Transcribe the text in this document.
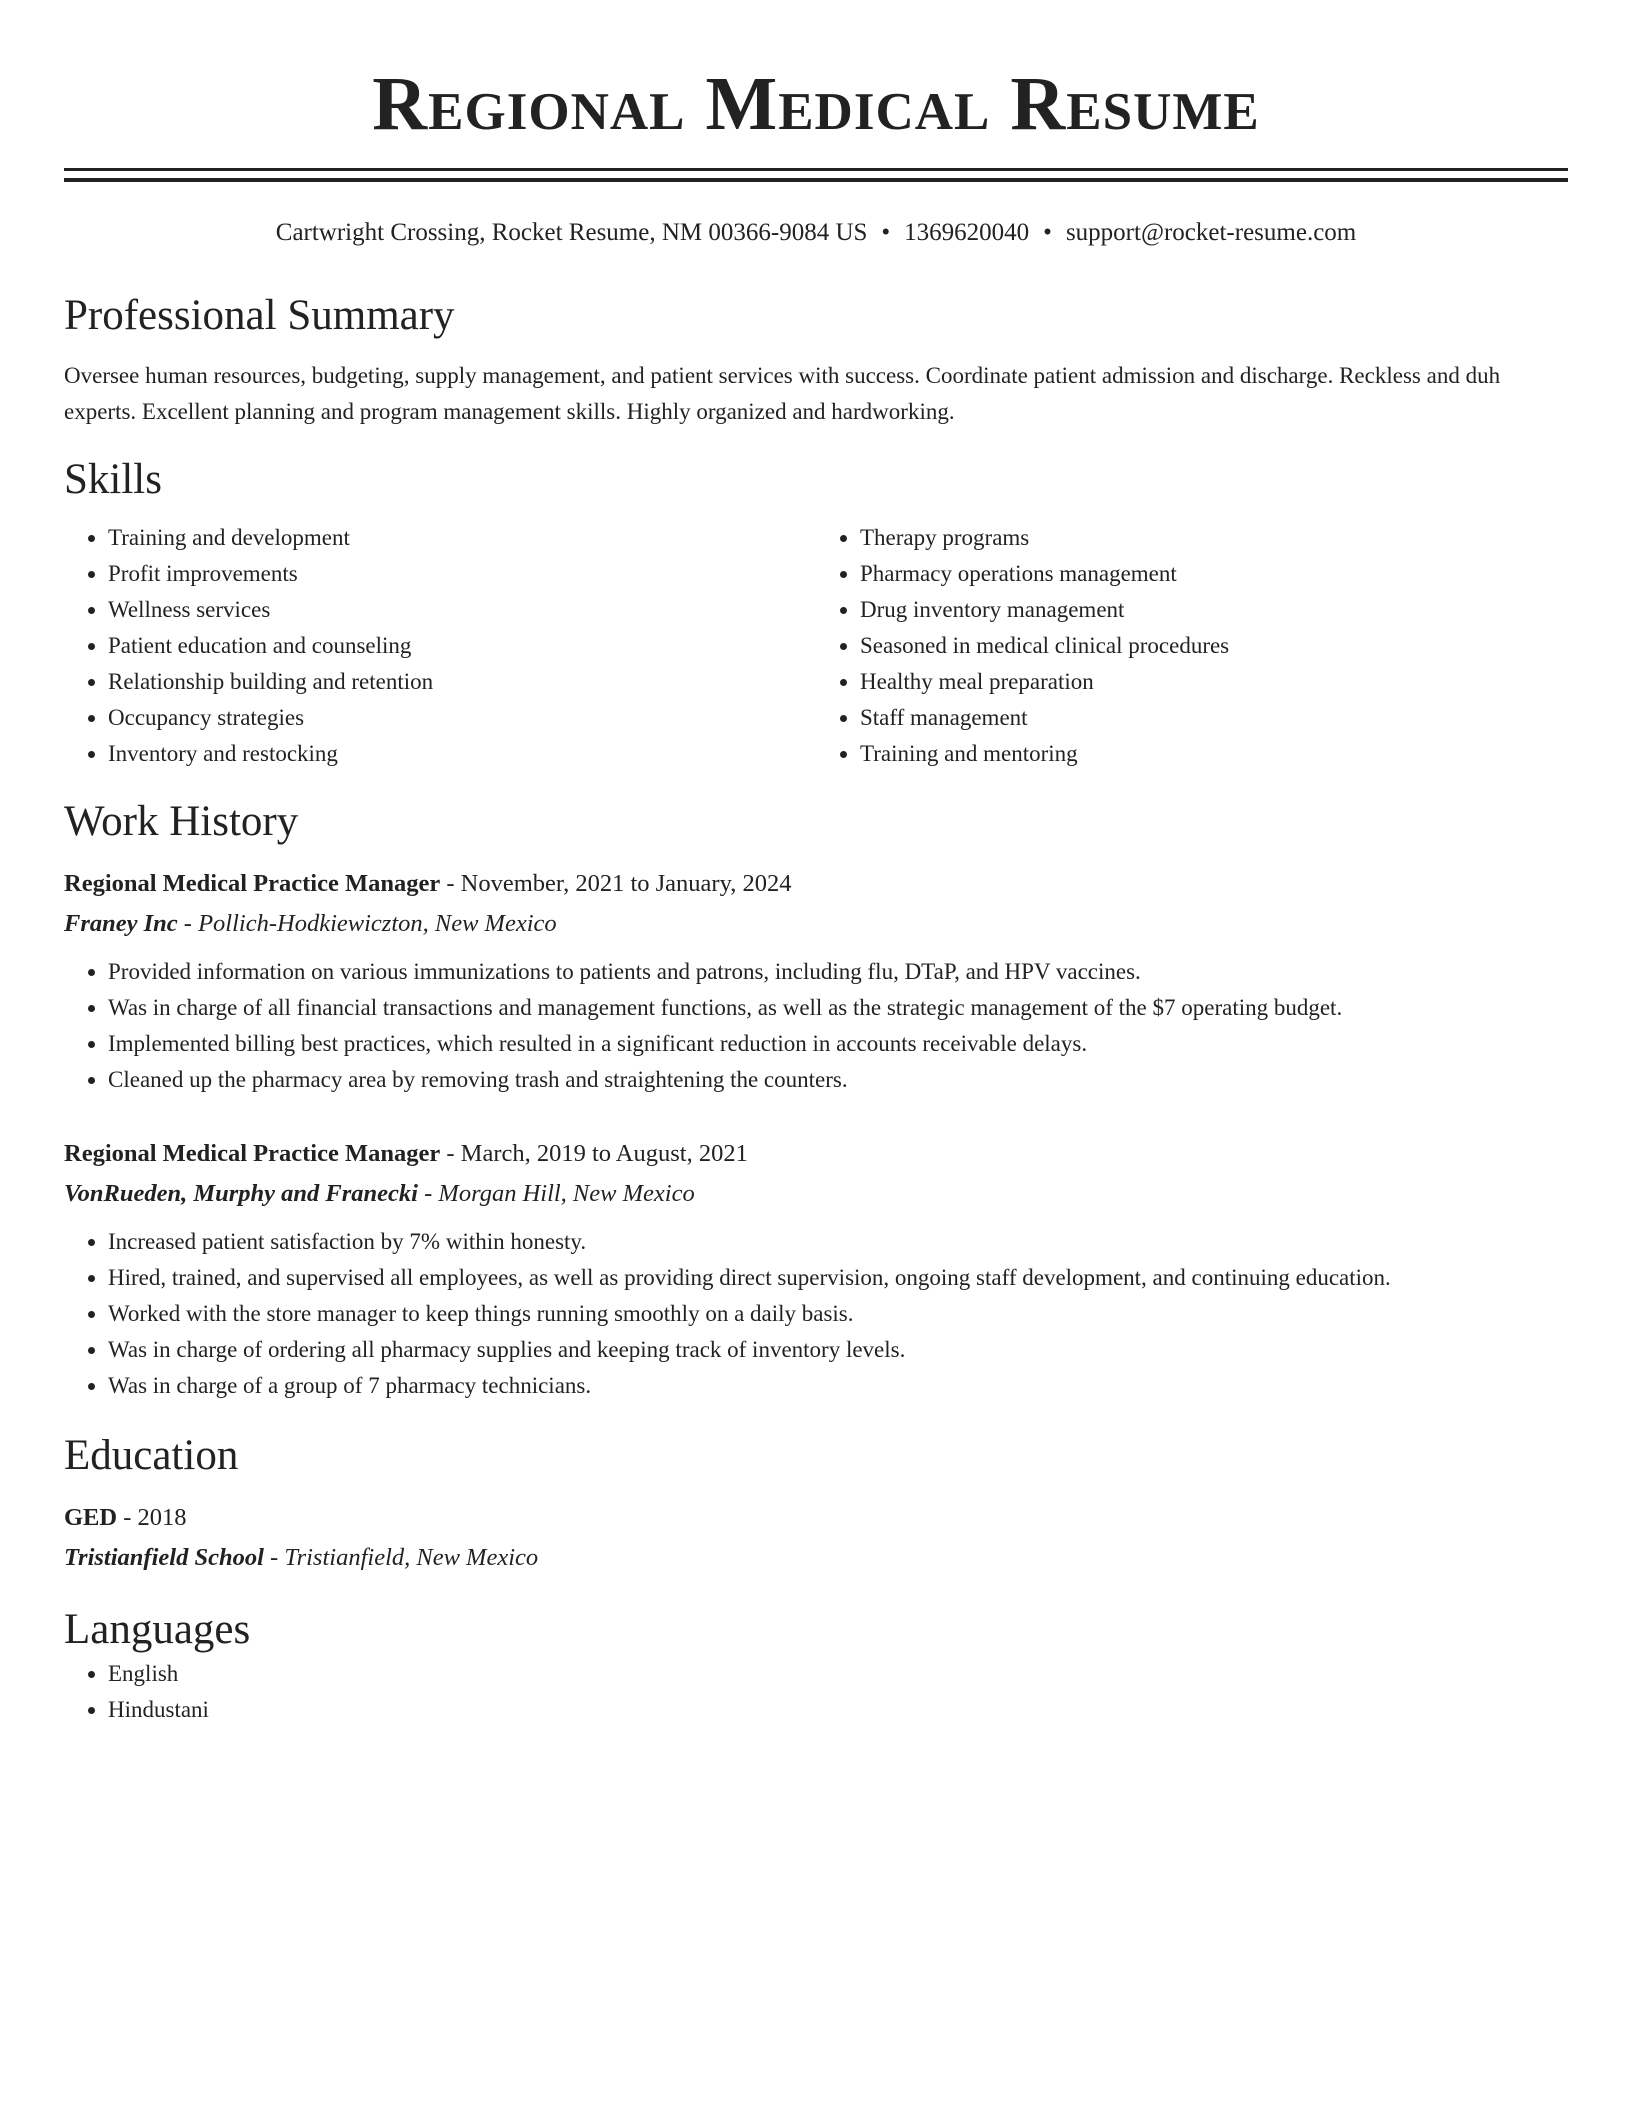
Regional Medical Resume
Cartwright Crossing, Rocket Resume, NM 00366-9084 US • 1369620040 • support@rocket-resume.com
Professional Summary

Oversee human resources, budgeting, supply management, and patient services with success. Coordinate patient admission and discharge. Reckless and duh experts. Excellent planning and program management skills. Highly organized and hardworking.

Skills
• Training and development
• Profit improvements
• Wellness services
• Patient education and counseling
• Relationship building and retention
• Occupancy strategies
• Inventory and restocking
• Therapy programs
• Pharmacy operations management
• Drug inventory management
• Seasoned in medical clinical procedures
• Healthy meal preparation
• Staff management
• Training and mentoring
Work History
Regional Medical Practice Manager - November, 2021 to January, 2024
Franey Inc - Pollich-Hodkiewiczton, New Mexico
• Provided information on various immunizations to patients and patrons, including flu, DTaP, and HPV vaccines.
• Was in charge of all financial transactions and management functions, as well as the strategic management of the $7 operating budget.
• Implemented billing best practices, which resulted in a significant reduction in accounts receivable delays.
• Cleaned up the pharmacy area by removing trash and straightening the counters.
Regional Medical Practice Manager - March, 2019 to August, 2021
VonRueden, Murphy and Franecki - Morgan Hill, New Mexico
• Increased patient satisfaction by 7% within honesty.
• Hired, trained, and supervised all employees, as well as providing direct supervision, ongoing staff development, and continuing education.
• Worked with the store manager to keep things running smoothly on a daily basis.
• Was in charge of ordering all pharmacy supplies and keeping track of inventory levels.
• Was in charge of a group of 7 pharmacy technicians.
Education
GED - 2018
Tristianfield School - Tristianfield, New Mexico
Languages
• English
• Hindustani
